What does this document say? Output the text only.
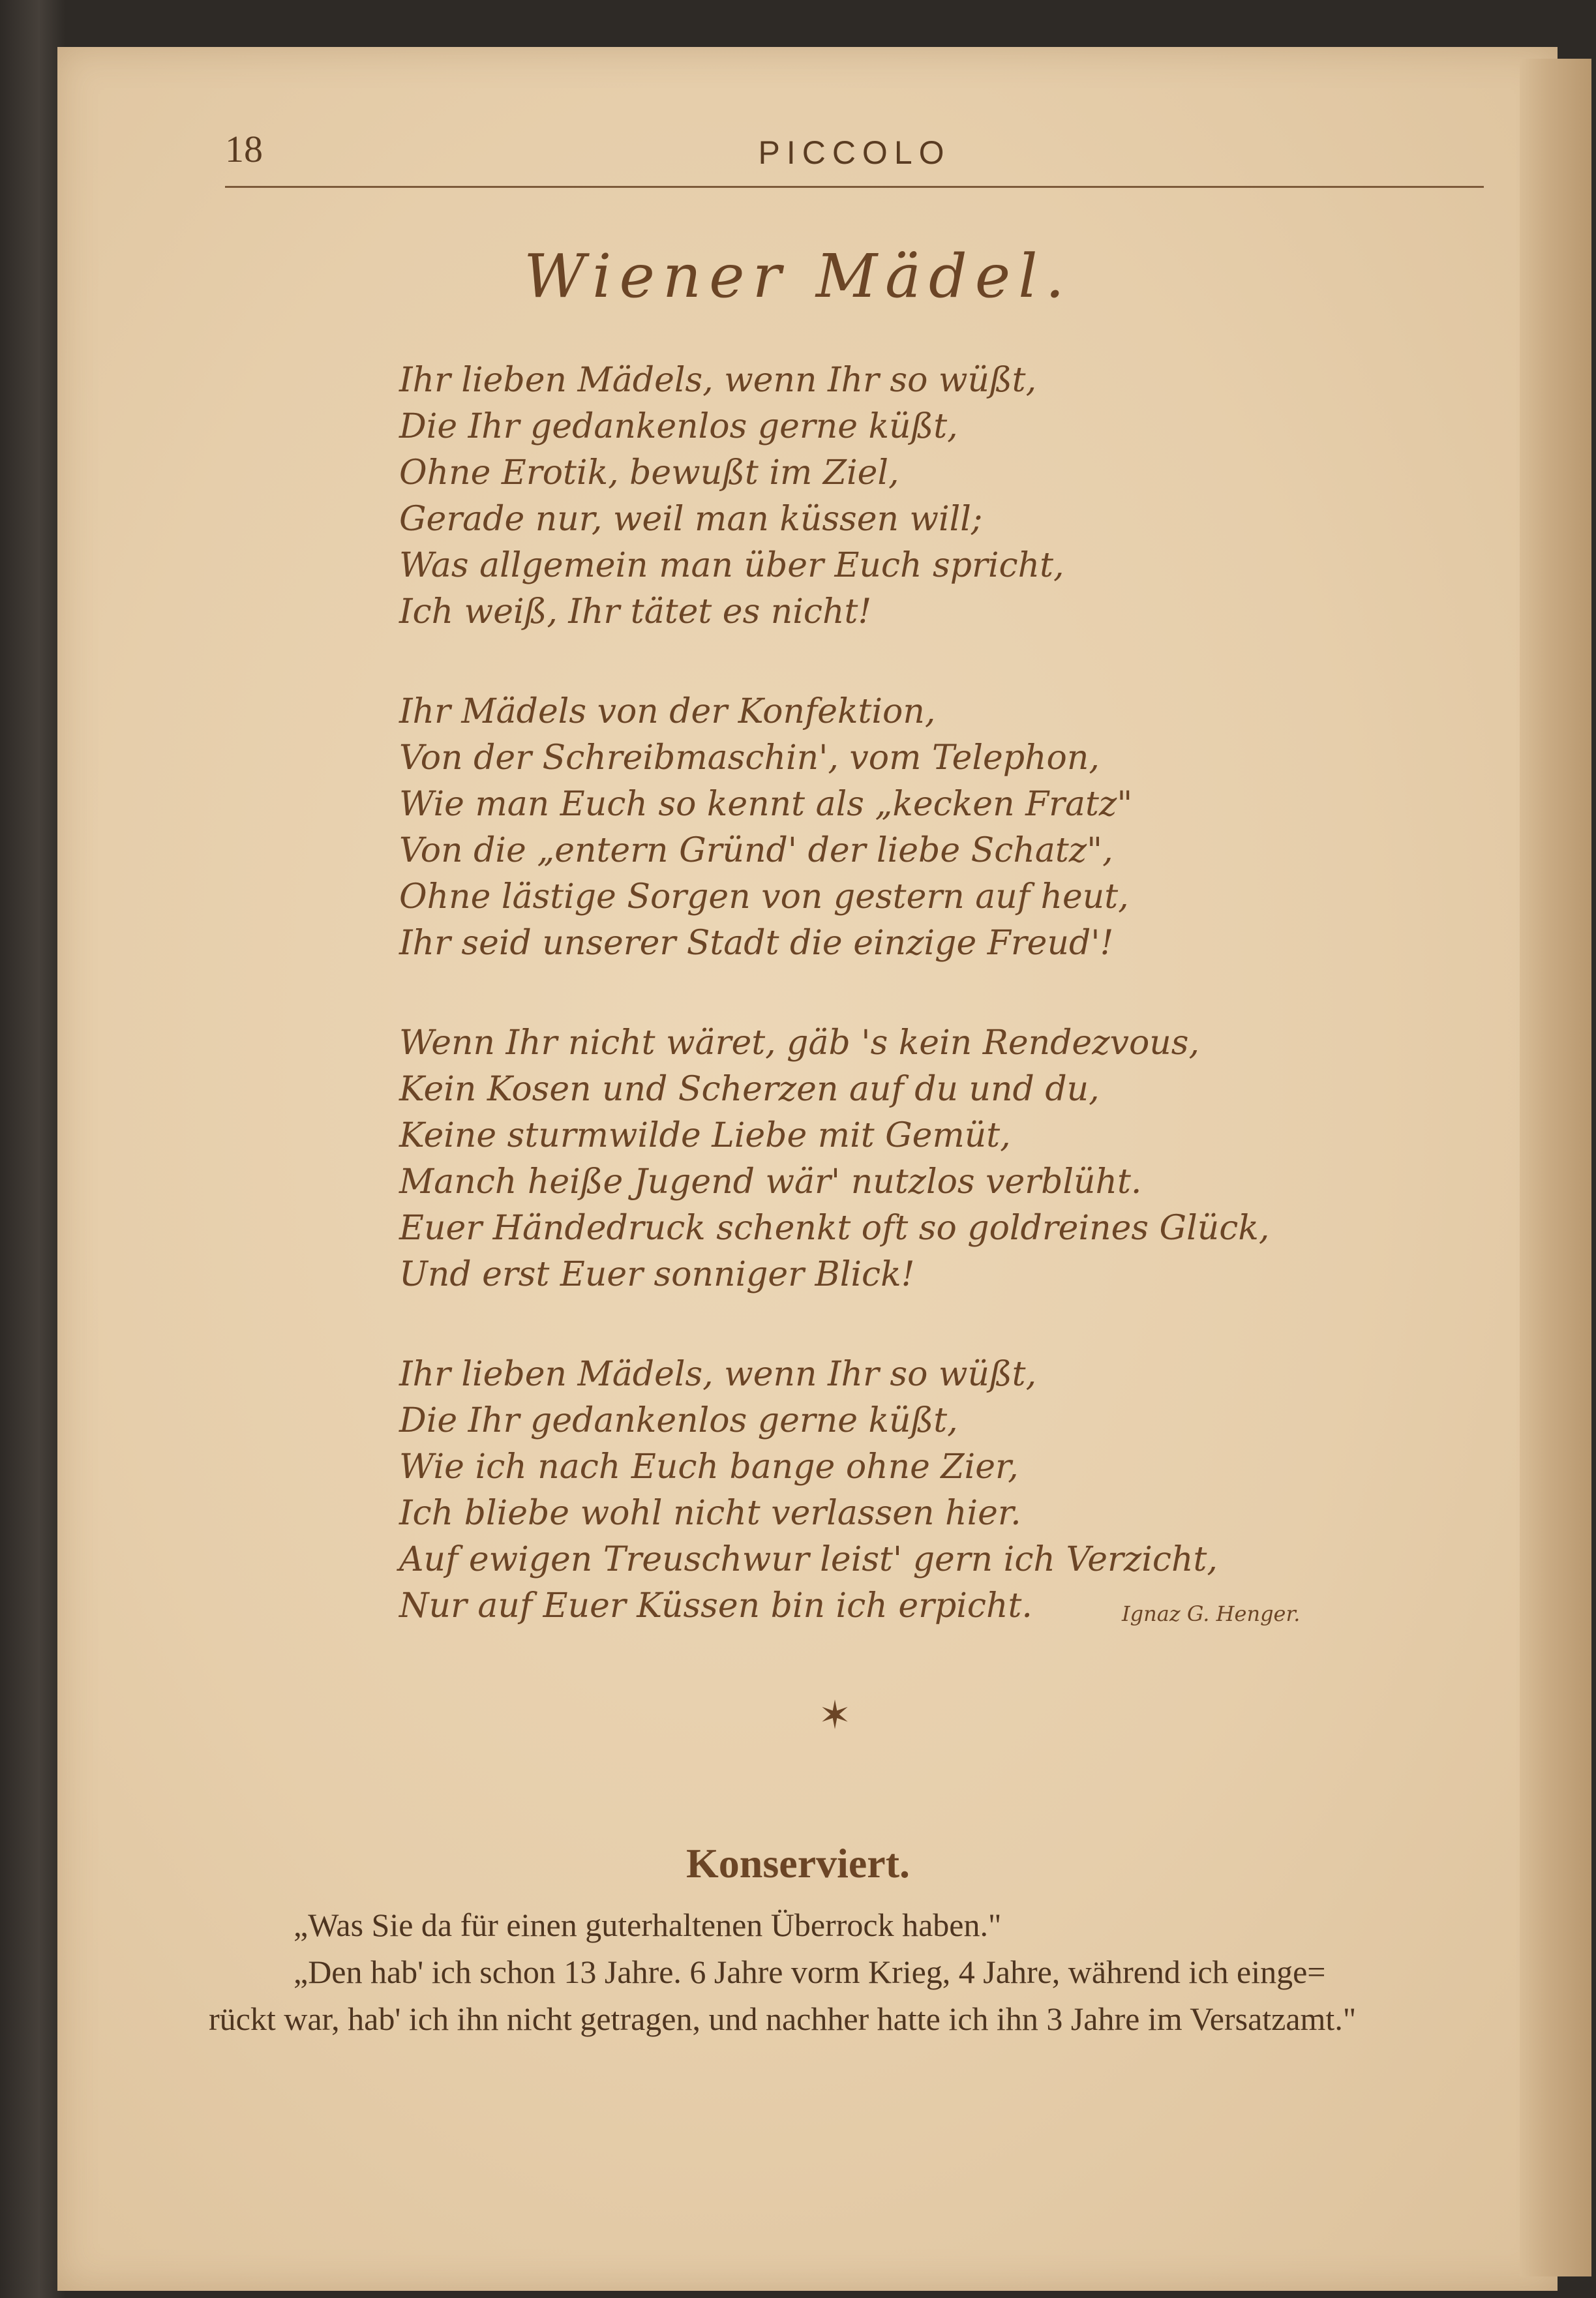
18	PICCOLO
Wiener Mädel.
Ihr lieben Mädels, wenn Ihr so wüßt,
Die Ihr gedankenlos gerne küßt,
Ohne Erotik, bewußt im Ziel,
Gerade nur, weil man küssen will;
Was allgemein man über Euch spricht,
Ich weiß, Ihr tätet es nicht!
Ihr Mädels von der Konfektion,
Von der Schreibmaschin', vom Telephon,
Wie man Euch so kennt als „kecken Fratz"
Von die „entern Gründ' der liebe Schatz",
Ohne lästige Sorgen von gestern auf heut,
Ihr seid unserer Stadt die einzige Freud'!
Wenn Ihr nicht wäret, gäb 's kein Rendezvous,
Kein Kosen und Scherzen auf du und du,
Keine sturmwilde Liebe mit Gemüt,
Manch heiße Jugend wär' nutzlos verblüht.
Euer Händedruck schenkt oft so goldreines Glück,
Und erst Euer sonniger Blick!
Ihr lieben Mädels, wenn Ihr so wüßt,
Die Ihr gedankenlos gerne küßt,
Wie ich nach Euch bange ohne Zier,
Ich bliebe wohl nicht verlassen hier.
Auf ewigen Treuschwur leist' gern ich Verzicht,
Nur auf Euer Küssen bin ich erpicht.	Ignaz G. Henger.
✶
Konserviert.
„Was Sie da für einen guterhaltenen Überrock haben."
„Den hab' ich schon 13 Jahre. 6 Jahre vorm Krieg, 4 Jahre, während ich einge=
rückt war, hab' ich ihn nicht getragen, und nachher hatte ich ihn 3 Jahre im Versatzamt."
